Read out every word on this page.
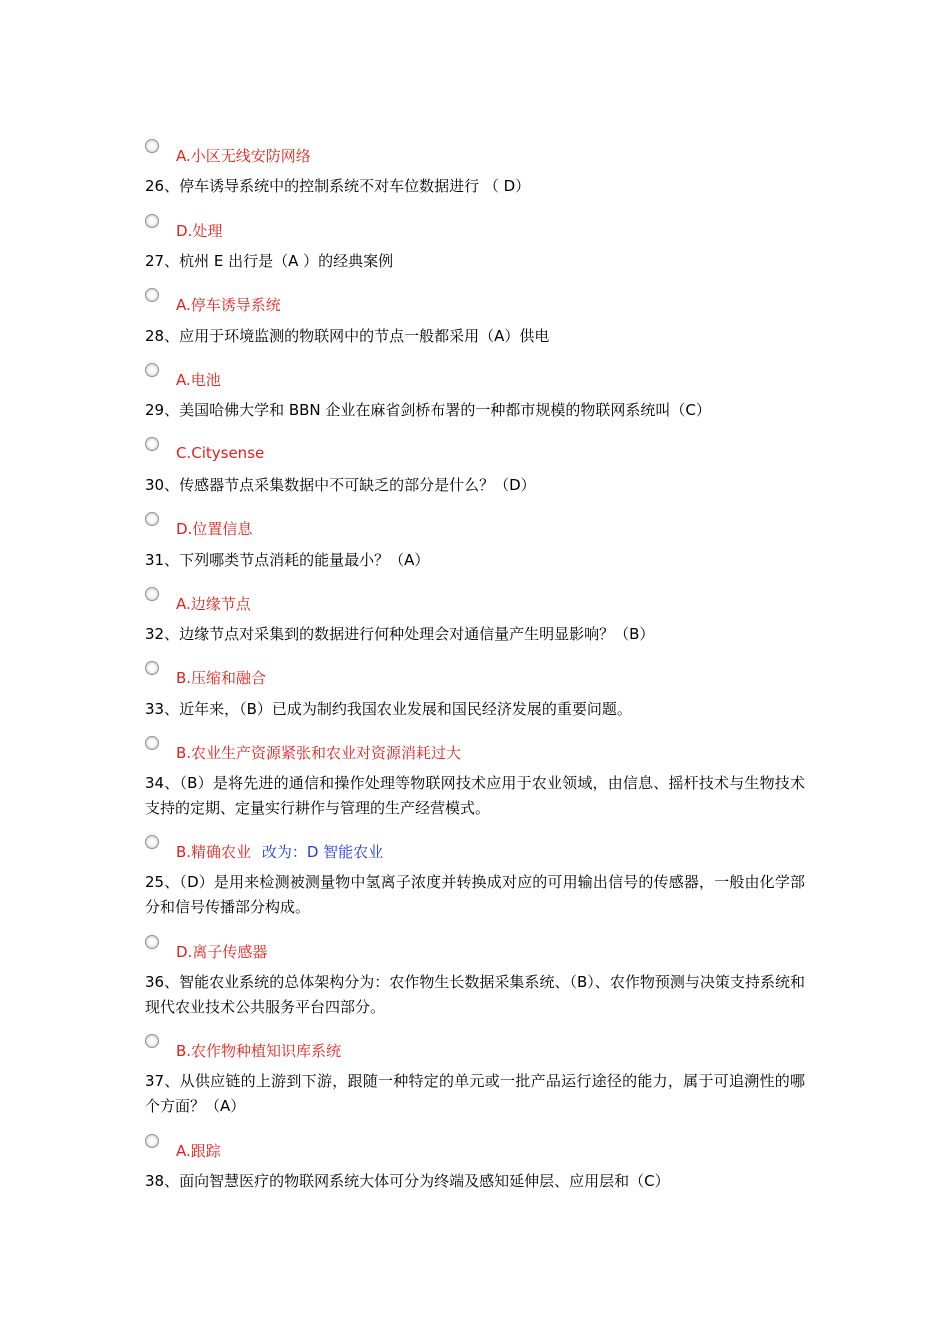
A.小区无线安防网络
26、停车诱导系统中的控制系统不对车位数据进行 （ D）
D.处理
27、杭州 E 出行是（A ）的经典案例
A.停车诱导系统
28、应用于环境监测的物联网中的节点一般都采用（A）供电
A.电池
29、美国哈佛大学和 BBN 企业在麻省剑桥布署的一种都市规模的物联网系统叫（C）
C.Citysense
30、传感器节点采集数据中不可缺乏的部分是什么？（D）
D.位置信息
31、下列哪类节点消耗的能量最小？（A）
A.边缘节点
32、边缘节点对采集到的数据进行何种处理会对通信量产生明显影响？（B）
B.压缩和融合
33、近年来，（B）已成为制约我国农业发展和国民经济发展的重要问题。
B.农业生产资源紧张和农业对资源消耗过大
34、（B）是将先进的通信和操作处理等物联网技术应用于农业领域，由信息、摇杆技术与生物技术支持的定期、定量实行耕作与管理的生产经营模式。
B.精确农业 改为：D 智能农业
25、（D）是用来检测被测量物中氢离子浓度并转换成对应的可用输出信号的传感器，一般由化学部分和信号传播部分构成。
D.离子传感器
36、智能农业系统的总体架构分为：农作物生长数据采集系统、（B）、农作物预测与决策支持系统和现代农业技术公共服务平台四部分。
B.农作物种植知识库系统
37、从供应链的上游到下游，跟随一种特定的单元或一批产品运行途径的能力，属于可追溯性的哪个方面？（A）
A.跟踪
38、面向智慧医疗的物联网系统大体可分为终端及感知延伸层、应用层和（C）
